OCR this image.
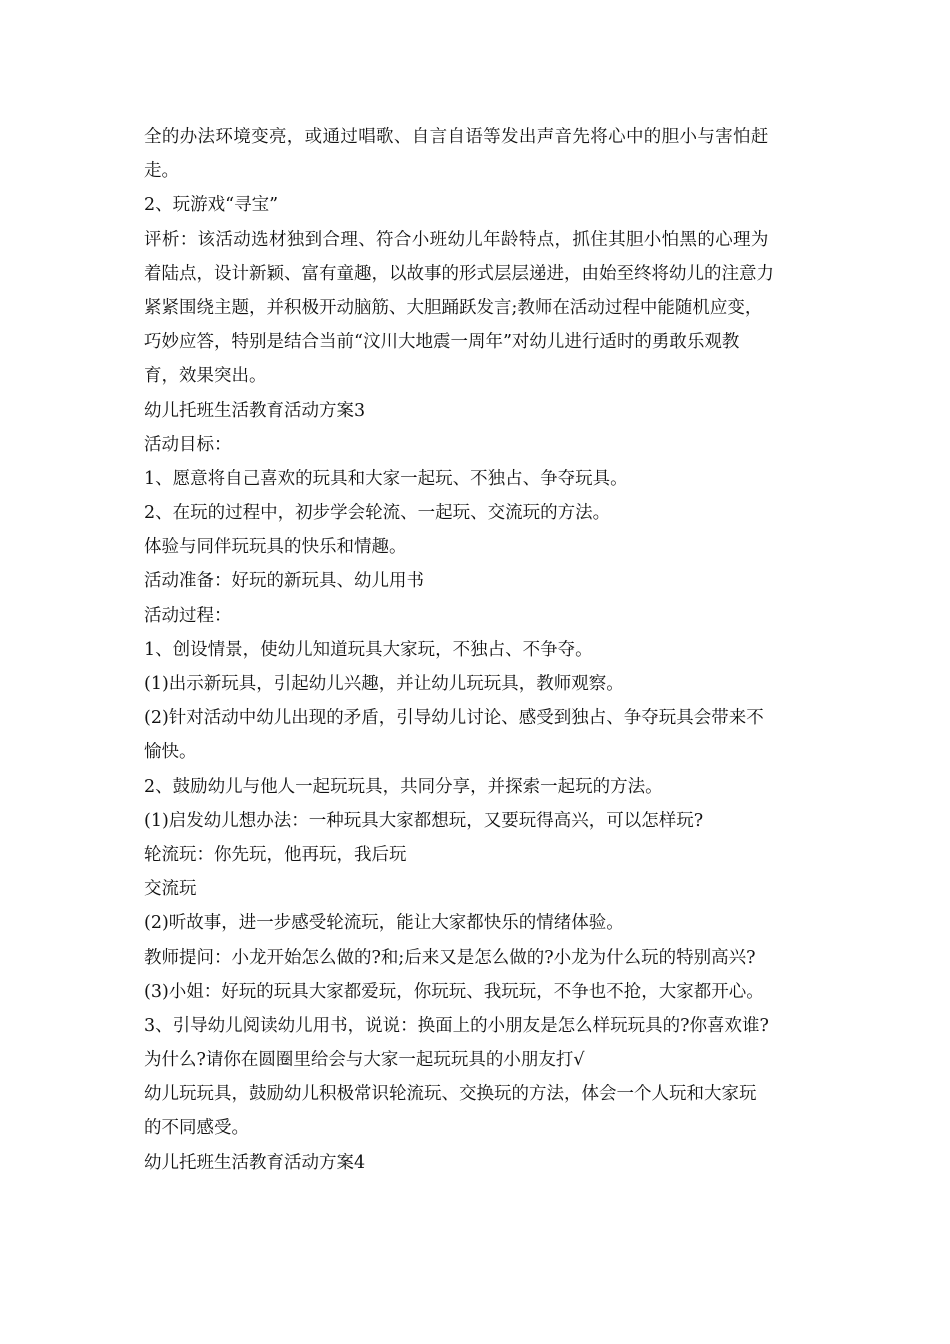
全的办法环境变亮，或通过唱歌、自言自语等发出声音先将心中的胆小与害怕赶
走。
2、玩游戏“寻宝”
评析：该活动选材独到合理、符合小班幼儿年龄特点，抓住其胆小怕黑的心理为
着陆点，设计新颖、富有童趣，以故事的形式层层递进，由始至终将幼儿的注意力
紧紧围绕主题，并积极开动脑筋、大胆踊跃发言;教师在活动过程中能随机应变，
巧妙应答，特别是结合当前“汶川大地震一周年”对幼儿进行适时的勇敢乐观教
育，效果突出。
幼儿托班生活教育活动方案3
活动目标：
1、愿意将自己喜欢的玩具和大家一起玩、不独占、争夺玩具。
2、在玩的过程中，初步学会轮流、一起玩、交流玩的方法。
体验与同伴玩玩具的快乐和情趣。
活动准备：好玩的新玩具、幼儿用书
活动过程：
1、创设情景，使幼儿知道玩具大家玩，不独占、不争夺。
(1)出示新玩具，引起幼儿兴趣，并让幼儿玩玩具，教师观察。
(2)针对活动中幼儿出现的矛盾，引导幼儿讨论、感受到独占、争夺玩具会带来不
愉快。
2、鼓励幼儿与他人一起玩玩具，共同分享，并探索一起玩的方法。
(1)启发幼儿想办法：一种玩具大家都想玩，又要玩得高兴，可以怎样玩?
轮流玩：你先玩，他再玩，我后玩
交流玩
(2)听故事，进一步感受轮流玩，能让大家都快乐的情绪体验。
教师提问：小龙开始怎么做的?和;后来又是怎么做的?小龙为什么玩的特别高兴?
(3)小姐：好玩的玩具大家都爱玩，你玩玩、我玩玩，不争也不抢，大家都开心。
3、引导幼儿阅读幼儿用书，说说：换面上的小朋友是怎么样玩玩具的?你喜欢谁?
为什么?请你在圆圈里给会与大家一起玩玩具的小朋友打√
幼儿玩玩具，鼓励幼儿积极常识轮流玩、交换玩的方法，体会一个人玩和大家玩
的不同感受。
幼儿托班生活教育活动方案4
